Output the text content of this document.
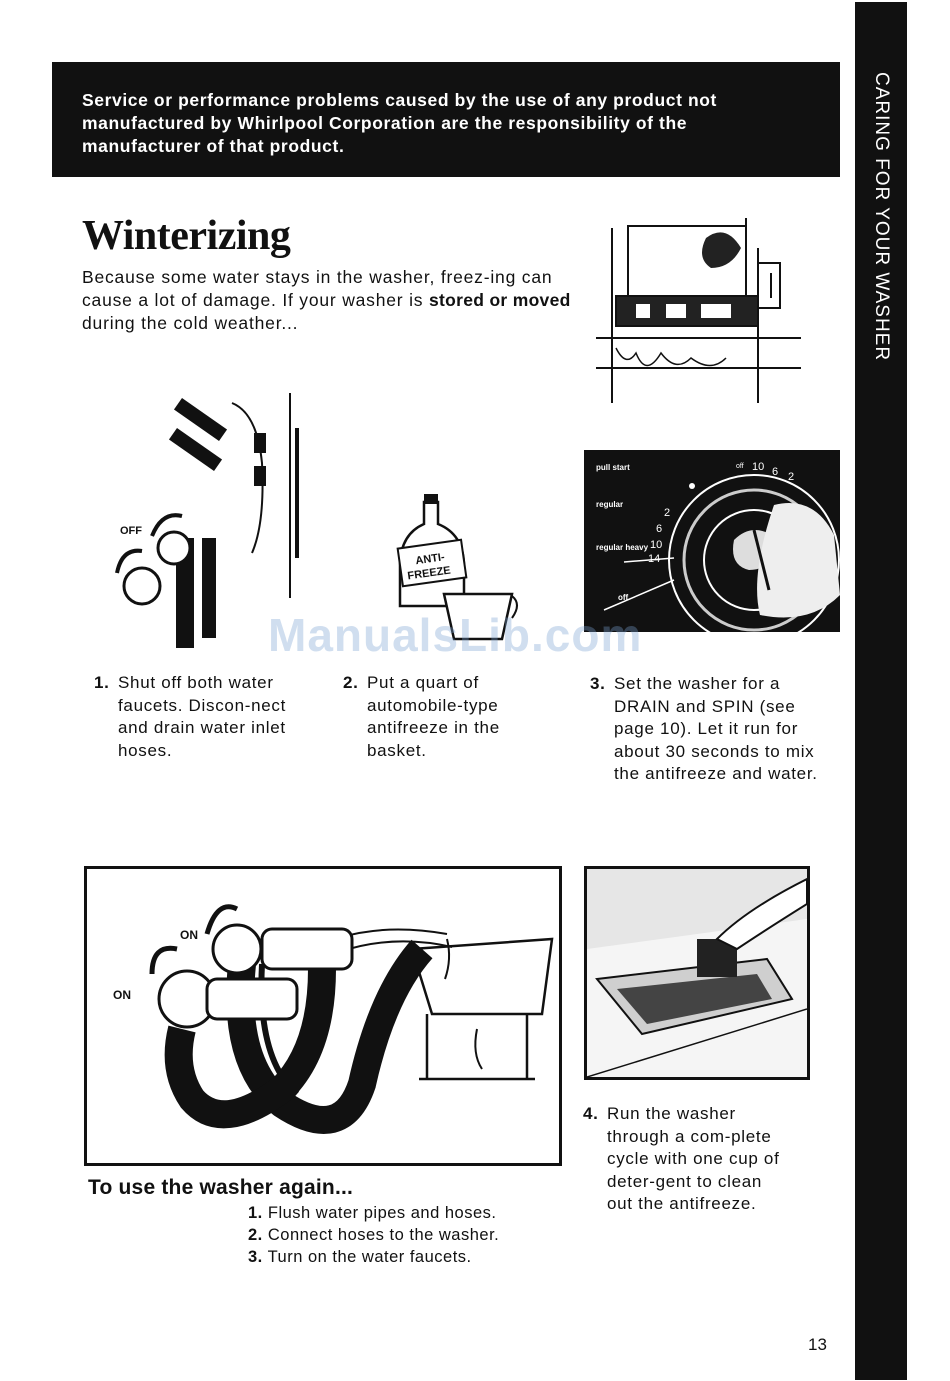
CARING FOR YOUR WASHER
Service or performance problems caused by the use of any product not manufactured by Whirlpool Corporation are the responsibility of the manufacturer of that product.
Winterizing
Because some water stays in the washer, freez-ing can cause a lot of damage. If your washer is stored or moved during the cold weather...
OFF
ANTI-
FREEZE
pull start
regular
regular heavy
off
off 10 6 2
2
6
10
14
1. Shut off both water faucets. Discon-nect and drain water inlet hoses.
2. Put a quart of automobile-type antifreeze in the basket.
3. Set the washer for a DRAIN and SPIN (see page 10). Let it run for about 30 seconds to mix the antifreeze and water.
ON
ON
4. Run the washer through a com-plete cycle with one cup of deter-gent to clean out the antifreeze.
To use the washer again...
1. Flush water pipes and hoses.
2. Connect hoses to the washer.
3. Turn on the water faucets.
ManualsLib.com
13
